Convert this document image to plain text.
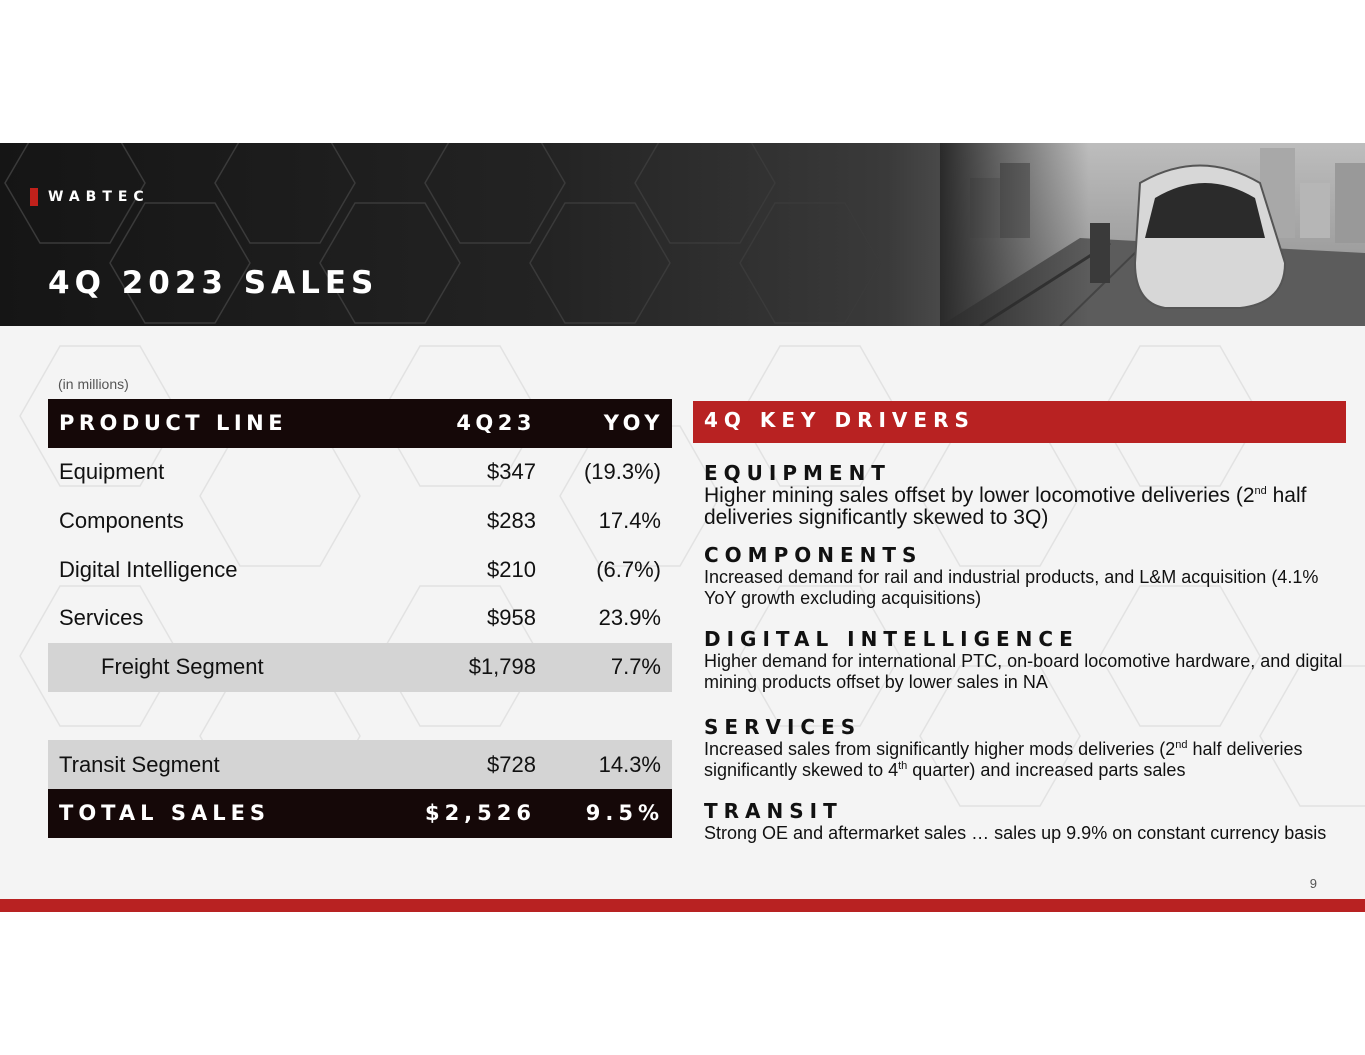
WABTEC
4Q 2023 SALES
(in millions)
PRODUCT LINE	4Q23	YOY
Equipment	$347	(19.3%)
Components	$283	17.4%
Digital Intelligence	$210	(6.7%)
Services	$958	23.9%
Freight Segment	$1,798	7.7%
Transit Segment	$728	14.3%
TOTAL SALES	$2,526	9.5%
4Q KEY DRIVERS
EQUIPMENT
Higher mining sales offset by lower locomotive deliveries (2nd half deliveries significantly skewed to 3Q)
COMPONENTS
Increased demand for rail and industrial products, and L&M acquisition (4.1% YoY growth excluding acquisitions)
DIGITAL INTELLIGENCE
Higher demand for international PTC, on-board locomotive hardware, and digital mining products offset by lower sales in NA
SERVICES
Increased sales from significantly higher mods deliveries (2nd half deliveries significantly skewed to 4th quarter) and increased parts sales
TRANSIT
Strong OE and aftermarket sales … sales up 9.9% on constant currency basis
9
